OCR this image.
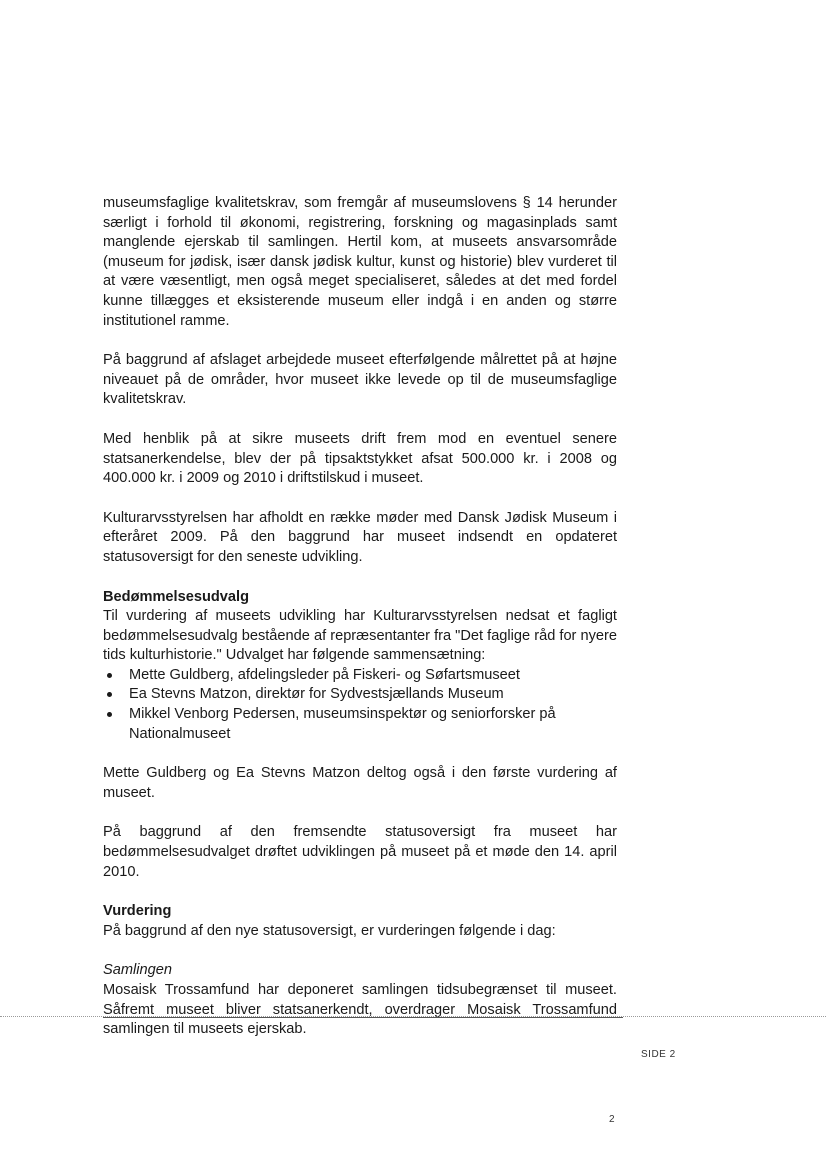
museumsfaglige kvalitetskrav, som fremgår af museumslovens § 14 herunder særligt i forhold til økonomi, registrering, forskning og magasinplads samt manglende ejerskab til samlingen. Hertil kom, at museets ansvarsområde (museum for jødisk, især dansk jødisk kultur, kunst og historie) blev vurderet til at være væsentligt, men også meget specialiseret, således at det med fordel kunne tillægges et eksisterende museum eller indgå i en anden og større institutionel ramme.

På baggrund af afslaget arbejdede museet efterfølgende målrettet på at højne niveauet på de områder, hvor museet ikke levede op til de museumsfaglige kvalitetskrav.

Med henblik på at sikre museets drift frem mod en eventuel senere statsanerkendelse, blev der på tipsaktstykket afsat 500.000 kr. i 2008 og 400.000 kr. i 2009 og 2010 i driftstilskud i museet.

Kulturarvsstyrelsen har afholdt en række møder med Dansk Jødisk Museum i efteråret 2009. På den baggrund har museet indsendt en opdateret statusoversigt for den seneste udvikling.

Bedømmelsesudvalg

Til vurdering af museets udvikling har Kulturarvsstyrelsen nedsat et fagligt bedømmelsesudvalg bestående af repræsentanter fra "Det faglige råd for nyere tids kulturhistorie." Udvalget har følgende sammensætning:

Mette Guldberg, afdelingsleder på Fiskeri- og Søfartsmuseet
Ea Stevns Matzon, direktør for Sydvestsjællands Museum
Mikkel Venborg Pedersen, museumsinspektør og seniorforsker på Nationalmuseet

Mette Guldberg og Ea Stevns Matzon deltog også i den første vurdering af museet.

På baggrund af den fremsendte statusoversigt fra museet har bedømmelsesudvalget drøftet udviklingen på museet på et møde den 14. april 2010.

Vurdering

På baggrund af den nye statusoversigt, er vurderingen følgende i dag:

Samlingen

Mosaisk Trossamfund har deponeret samlingen tidsubegrænset til museet. Såfremt museet bliver statsanerkendt, overdrager Mosaisk Trossamfund samlingen til museets ejerskab.

SIDE 2
2
